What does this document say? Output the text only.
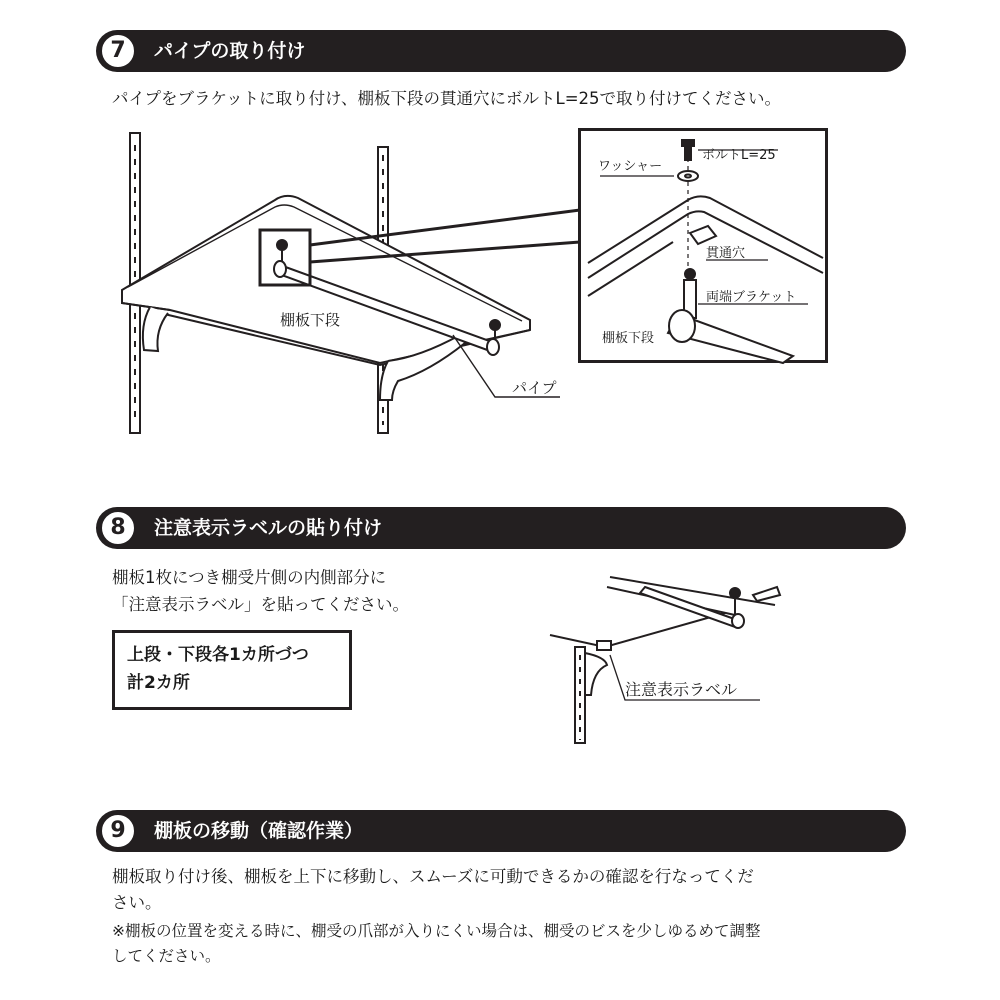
7	パイプの取り付け
パイプをブラケットに取り付け、棚板下段の貫通穴にボルトL=25で取り付けてください。
棚板下段
パイプ
ボルトL=25
ワッシャー
貫通穴
両端ブラケット
棚板下段
8	注意表示ラベルの貼り付け
棚板1枚につき棚受片側の内側部分に
「注意表示ラベル」を貼ってください。
上段・下段各1カ所づつ
計2カ所	注意表示ラベル
9	棚板の移動（確認作業）
棚板取り付け後、棚板を上下に移動し、スムーズに可動できるかの確認を行なってくだ
さい。
※棚板の位置を変える時に、棚受の爪部が入りにくい場合は、棚受のビスを少しゆるめて調整
してください。
